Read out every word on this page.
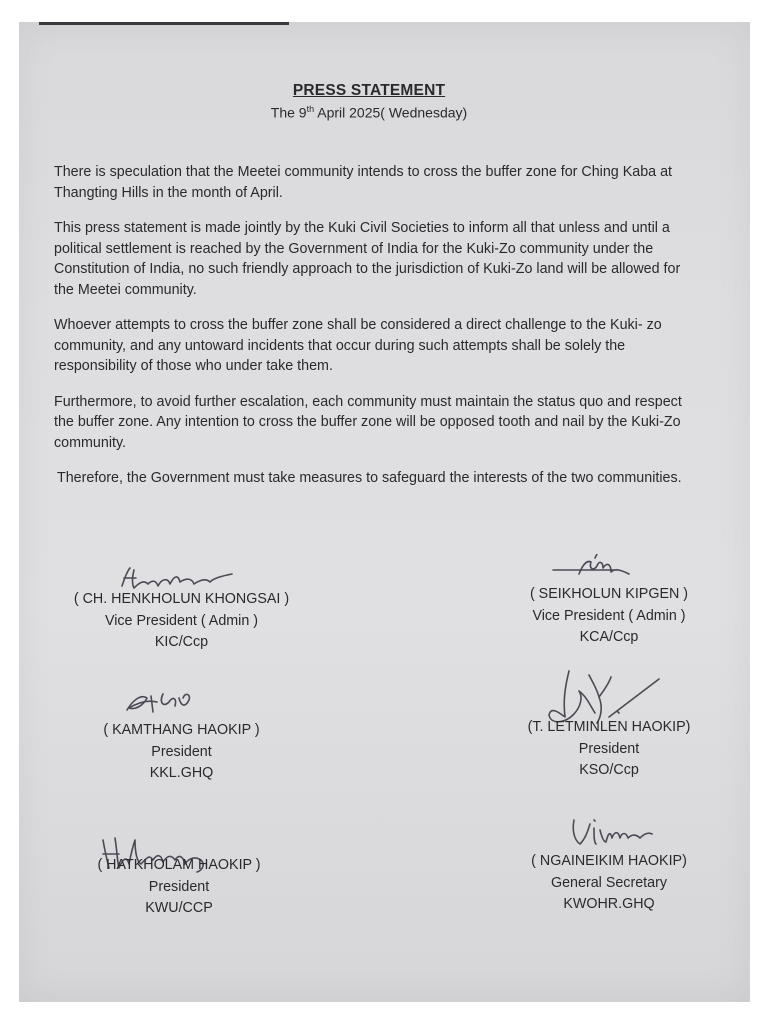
PRESS STATEMENT
The 9th April 2025( Wednesday)

There is speculation that the Meetei community intends to cross the buffer zone for Ching Kaba at Thangting Hills in the month of April.

This press statement is made jointly by the Kuki Civil Societies to inform all that unless and until a political settlement is reached by the Government of India for the Kuki-Zo community under the Constitution of India, no such friendly approach to the jurisdiction of Kuki-Zo land will be allowed for the Meetei community.

Whoever attempts to cross the buffer zone shall be considered a direct challenge to the Kuki- zo community, and any untoward incidents that occur during such attempts shall be solely the responsibility of those who under take them.

Furthermore, to avoid further escalation, each community must maintain the status quo and respect the buffer zone. Any intention to cross the buffer zone will be opposed tooth and nail by the Kuki-Zo community.

Therefore, the Government must take measures to safeguard the interests of the two communities.

( CH. HENKHOLUN KHONGSAI )
Vice President ( Admin )
KIC/Ccp
( SEIKHOLUN KIPGEN )
Vice President ( Admin )
KCA/Ccp
( KAMTHANG HAOKIP )
President
KKL.GHQ
(T. LETMINLEN HAOKIP)
President
KSO/Ccp
( HATKHOLAM HAOKIP )
President
KWU/CCP
( NGAINEIKIM HAOKIP)
General Secretary
KWOHR.GHQ
